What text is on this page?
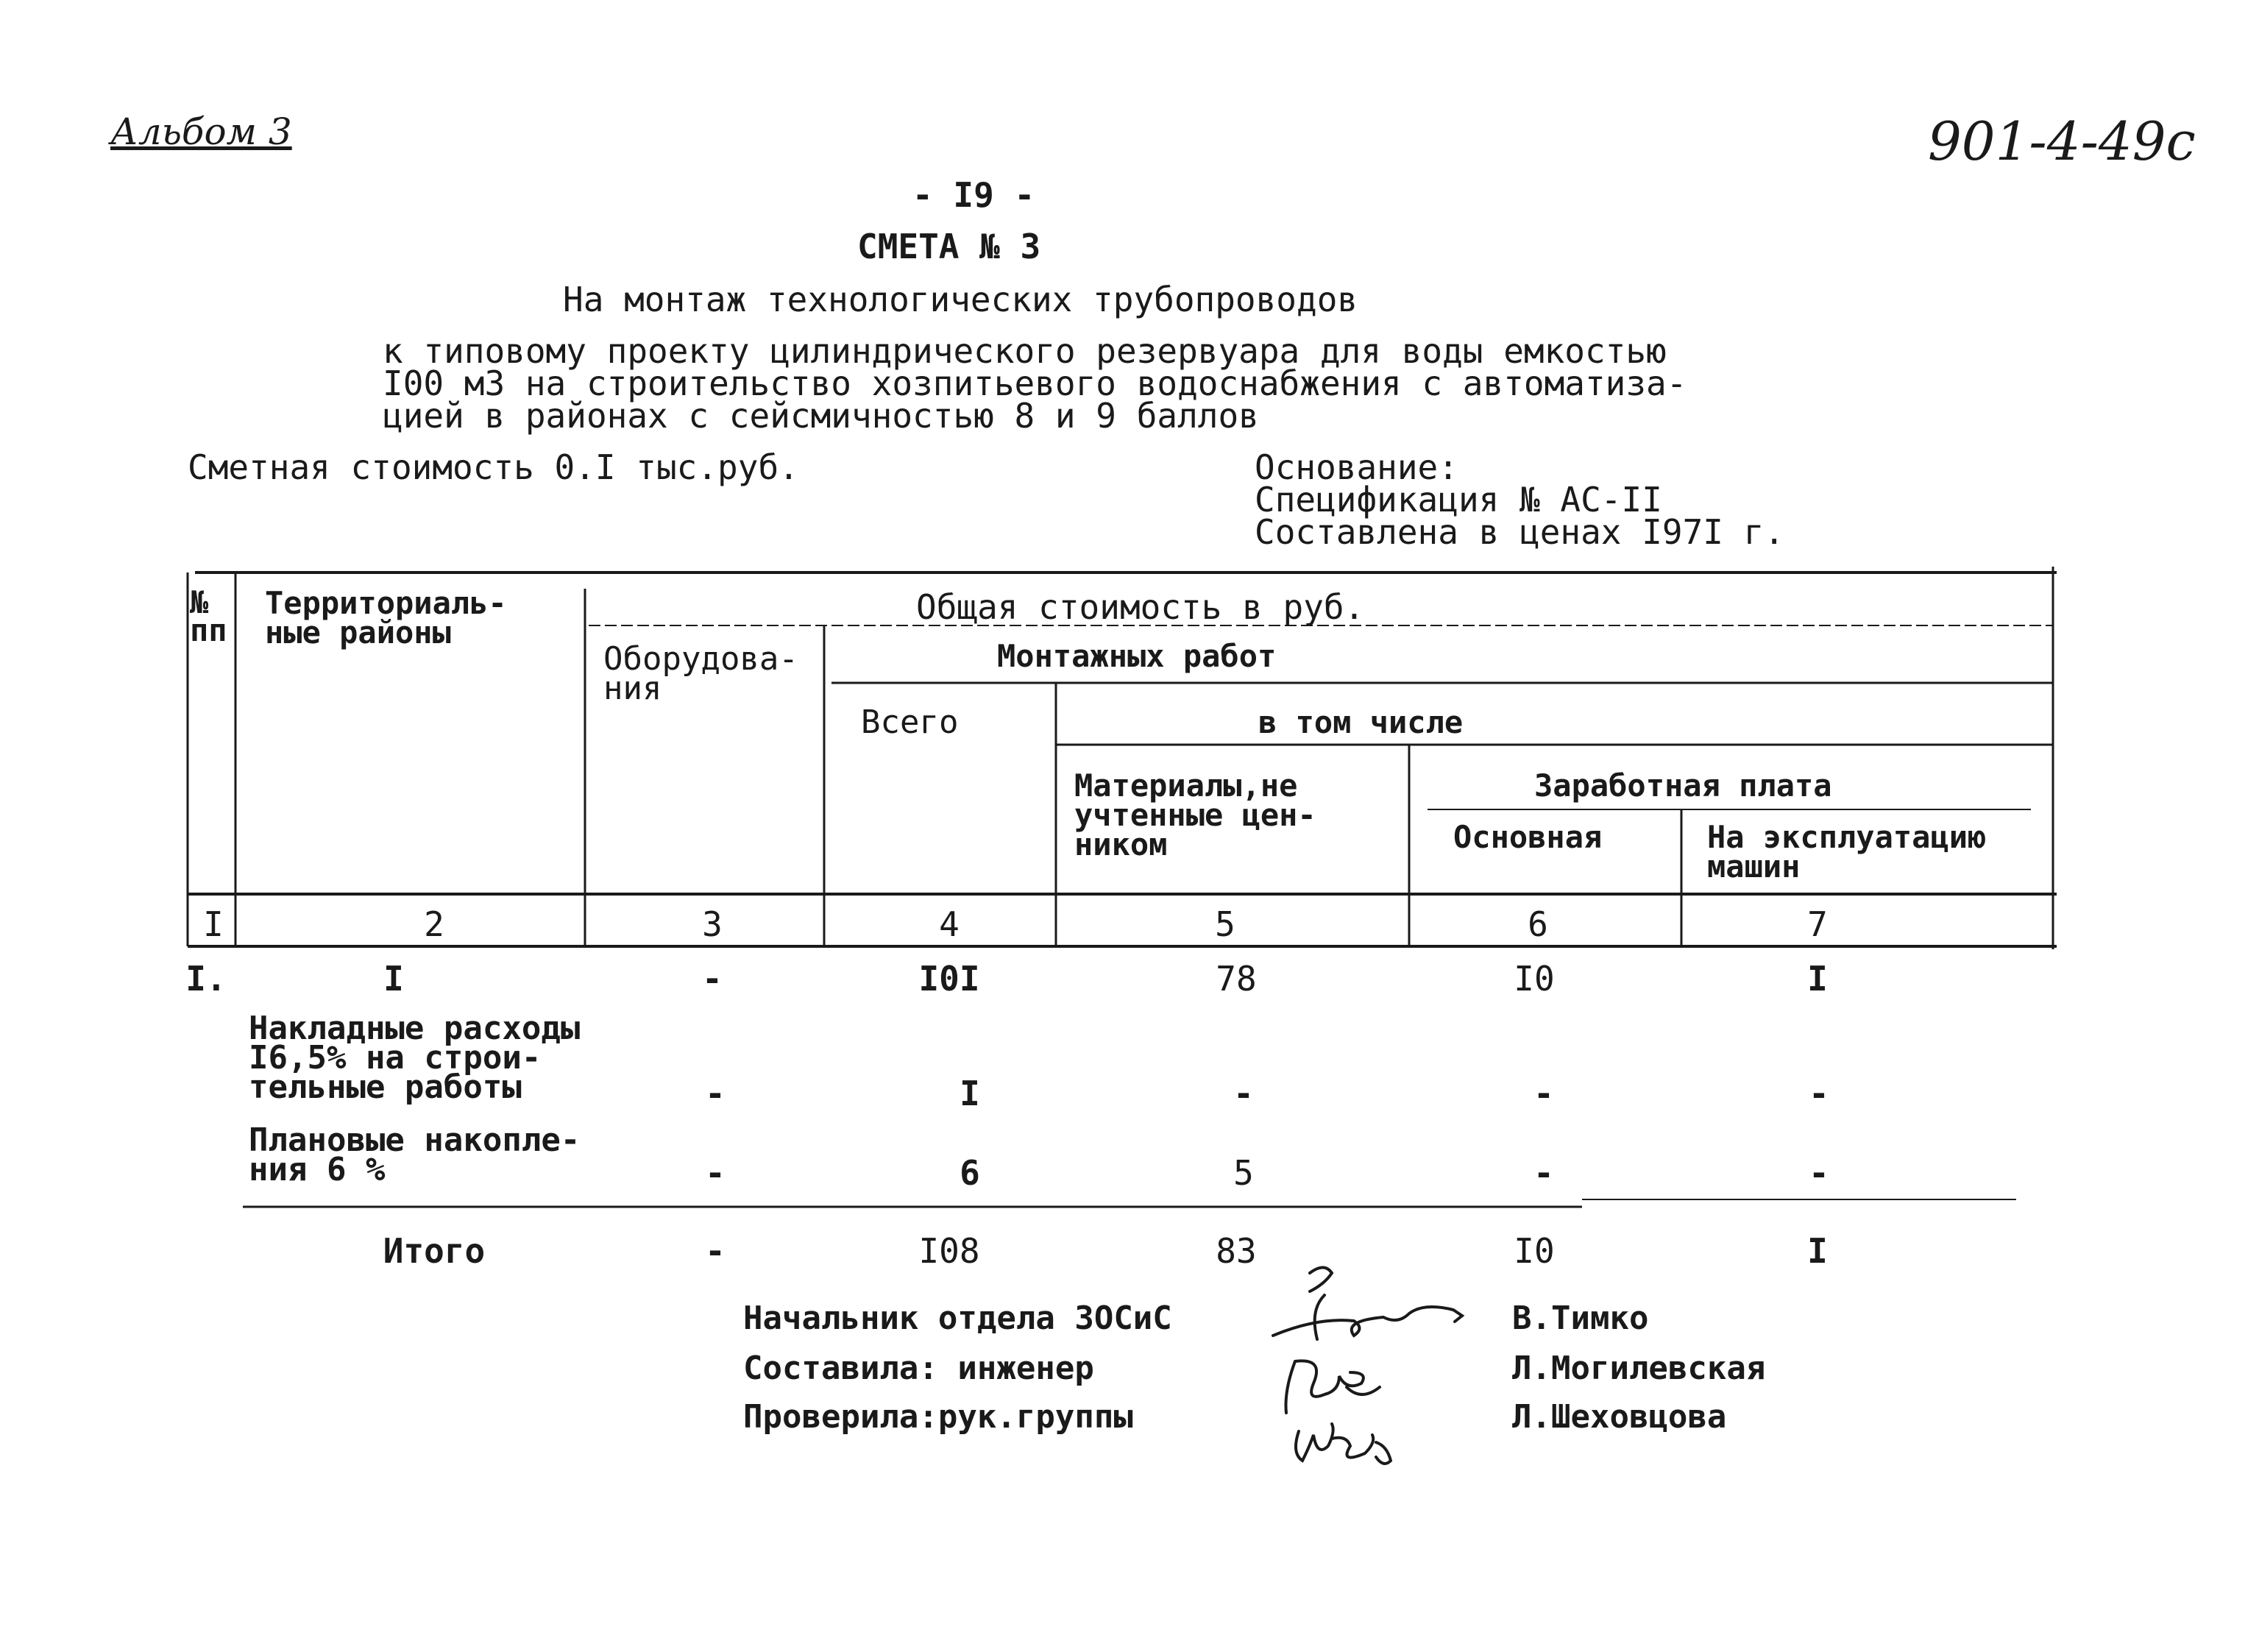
Альбом 3	901-4-49с
- I9 -
СМЕТА № 3
На монтаж технологических трубопроводов
к типовому проекту цилиндрического резервуара для воды емкостью
I00 м3 на строительство хозпитьевого водоснабжения с автоматиза-
цией в районах с сейсмичностью 8 и 9 баллов
Сметная стоимость 0.I тыс.руб.	Основание:
Спецификация № АС-II
Составлена в ценах I97I г.
№
пп
Территориаль-
ные районы
Общая стоимость в руб.
Оборудова-
ния
Монтажных работ
Всего	в том числе
Материалы,не
учтенные цен-
ником
Заработная плата
Основная	На эксплуатацию
машин
I	2	3	4	5	6	7
I.	I	-	I0I	78	I0	I
Накладные расходы
I6,5% на строи-
тельные работы	-	I	-	-	-
Плановые накопле-
ния 6 %	-	6	5	-	-
Итого	-	I08	83	I0	I
Начальник отдела ЗОСиС
Составила: инженер
Проверила:рук.группы
В.Тимко
Л.Могилевская
Л.Шеховцова
